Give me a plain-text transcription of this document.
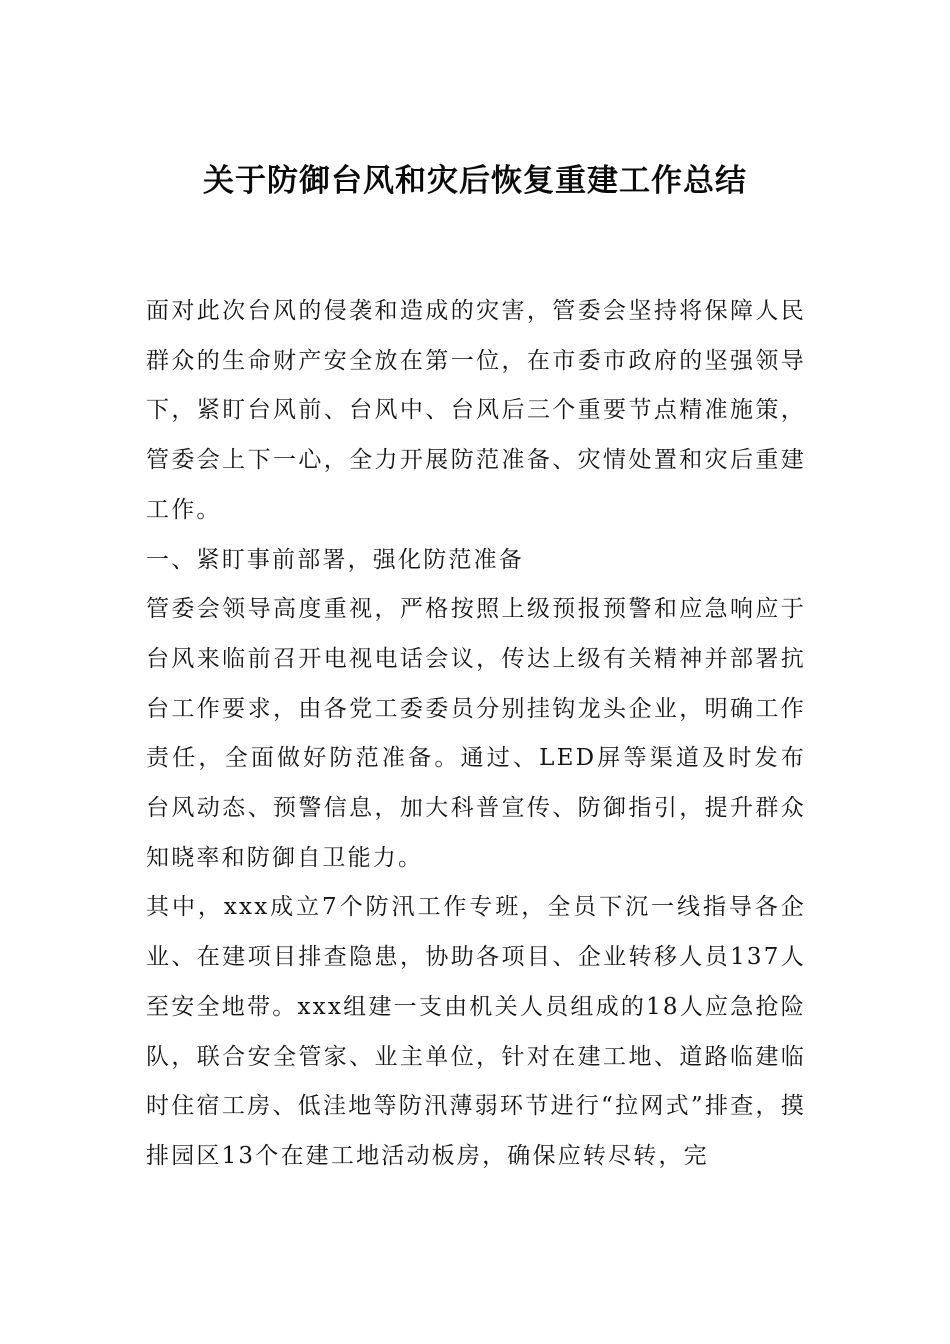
关于防御台风和灾后恢复重建工作总结

面对此次台风的侵袭和造成的灾害，管委会坚持将保障人民群众的生命财产安全放在第一位，在市委市政府的坚强领导下，紧盯台风前、台风中、台风后三个重要节点精准施策，管委会上下一心，全力开展防范准备、灾情处置和灾后重建工作。

一、紧盯事前部署，强化防范准备

管委会领导高度重视，严格按照上级预报预警和应急响应于台风来临前召开电视电话会议，传达上级有关精神并部署抗台工作要求，由各党工委委员分别挂钩龙头企业，明确工作责任，全面做好防范准备。通过、LED屏等渠道及时发布台风动态、预警信息，加大科普宣传、防御指引，提升群众知晓率和防御自卫能力。

其中，xxx成立7个防汛工作专班，全员下沉一线指导各企业、在建项目排查隐患，协助各项目、企业转移人员137人至安全地带。xxx组建一支由机关人员组成的18人应急抢险队，联合安全管家、业主单位，针对在建工地、道路临建临时住宿工房、低洼地等防汛薄弱环节进行“拉网式”排查，摸排园区13个在建工地活动板房，确保应转尽转，完
